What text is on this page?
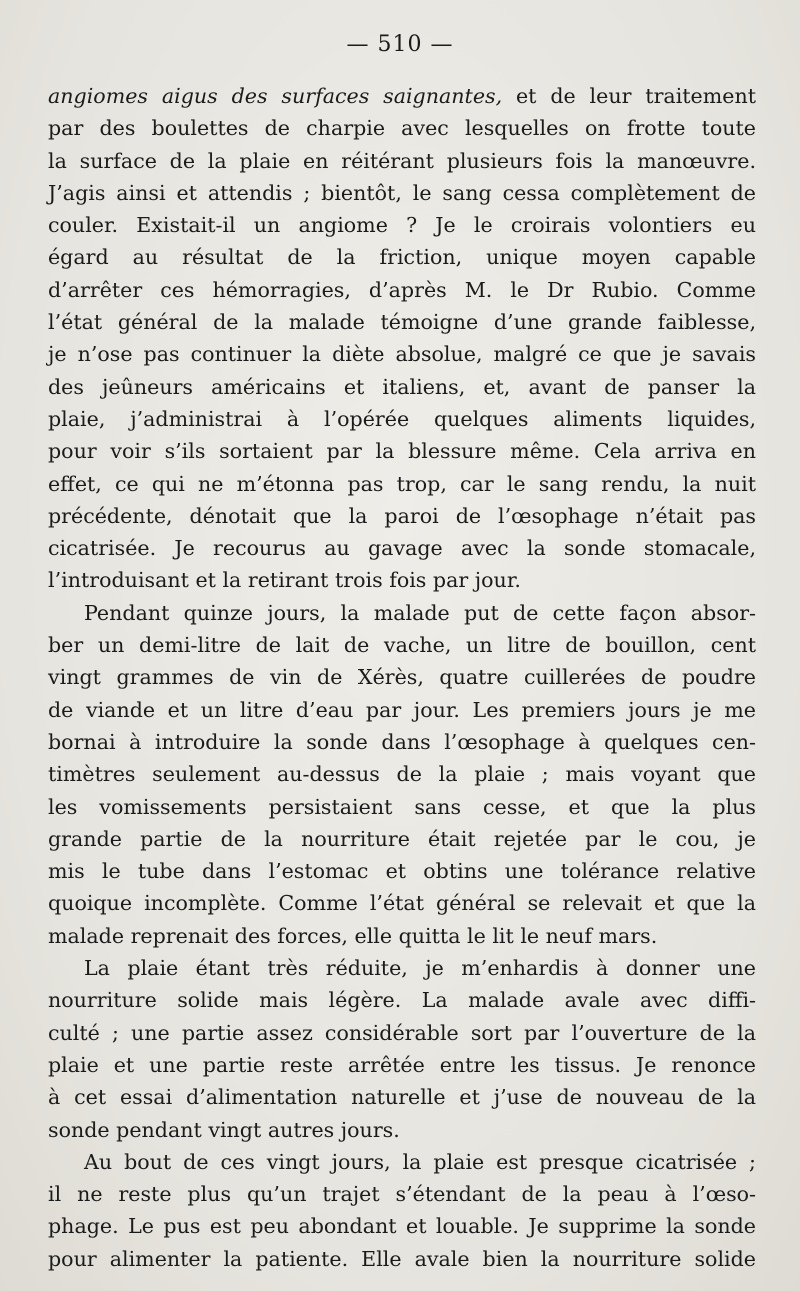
— 510 —
angiomes aigus des surfaces saignantes, et de leur traitement
par des boulettes de charpie avec lesquelles on frotte toute
la surface de la plaie en réitérant plusieurs fois la manœuvre.
J’agis ainsi et attendis ; bientôt, le sang cessa complètement de
couler. Existait-il un angiome ? Je le croirais volontiers eu
égard au résultat de la friction, unique moyen capable
d’arrêter ces hémorragies, d’après M. le Dr Rubio. Comme
l’état général de la malade témoigne d’une grande faiblesse,
je n’ose pas continuer la diète absolue, malgré ce que je savais
des jeûneurs américains et italiens, et, avant de panser la
plaie, j’administrai à l’opérée quelques aliments liquides,
pour voir s’ils sortaient par la blessure même. Cela arriva en
effet, ce qui ne m’étonna pas trop, car le sang rendu, la nuit
précédente, dénotait que la paroi de l’œsophage n’était pas
cicatrisée. Je recourus au gavage avec la sonde stomacale,
l’introduisant et la retirant trois fois par jour.
Pendant quinze jours, la malade put de cette façon absor-
ber un demi-litre de lait de vache, un litre de bouillon, cent
vingt grammes de vin de Xérès, quatre cuillerées de poudre
de viande et un litre d’eau par jour. Les premiers jours je me
bornai à introduire la sonde dans l’œsophage à quelques cen-
timètres seulement au-dessus de la plaie ; mais voyant que
les vomissements persistaient sans cesse, et que la plus
grande partie de la nourriture était rejetée par le cou, je
mis le tube dans l’estomac et obtins une tolérance relative
quoique incomplète. Comme l’état général se relevait et que la
malade reprenait des forces, elle quitta le lit le neuf mars.
La plaie étant très réduite, je m’enhardis à donner une
nourriture solide mais légère. La malade avale avec diffi-
culté ; une partie assez considérable sort par l’ouverture de la
plaie et une partie reste arrêtée entre les tissus. Je renonce
à cet essai d’alimentation naturelle et j’use de nouveau de la
sonde pendant vingt autres jours.
Au bout de ces vingt jours, la plaie est presque cicatrisée ;
il ne reste plus qu’un trajet s’étendant de la peau à l’œso-
phage. Le pus est peu abondant et louable. Je supprime la sonde
pour alimenter la patiente. Elle avale bien la nourriture solide
